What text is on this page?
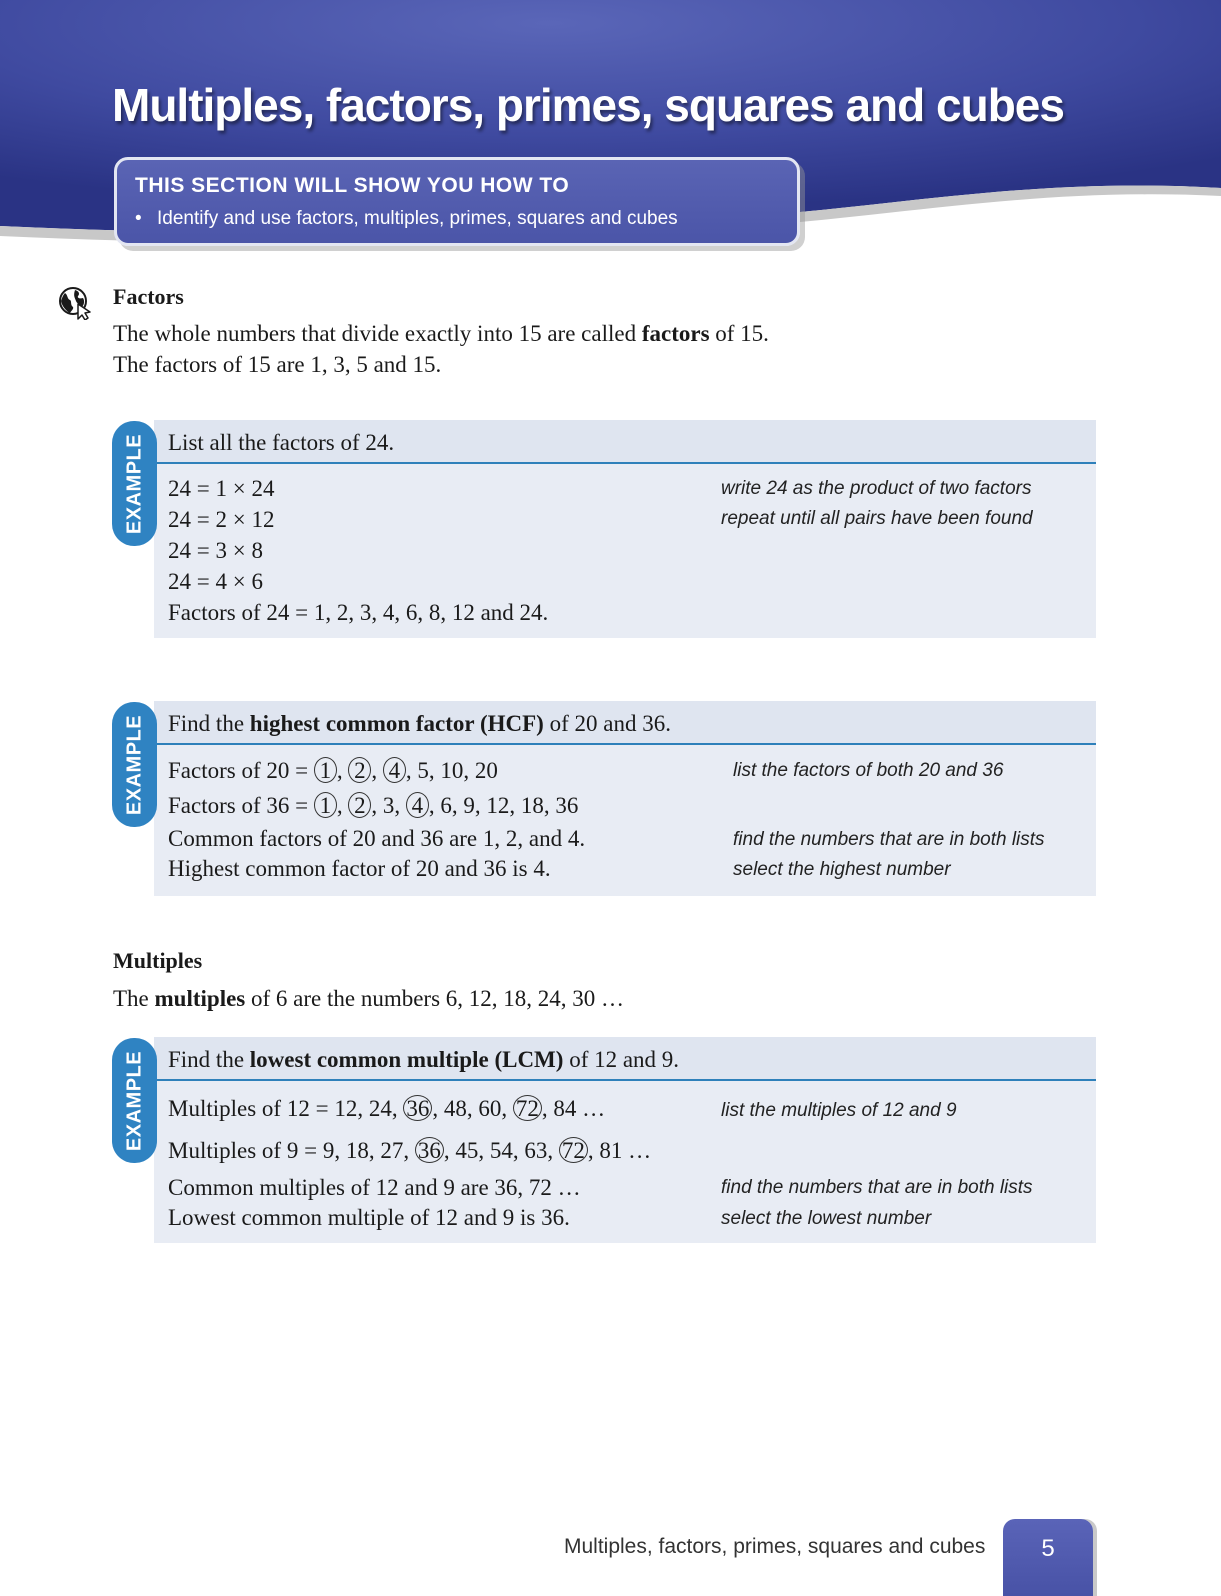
Multiples, factors, primes, squares and cubes
THIS SECTION WILL SHOW YOU HOW TO
• Identify and use factors, multiples, primes, squares and cubes
Factors
The whole numbers that divide exactly into 15 are called factors of 15.
The factors of 15 are 1, 3, 5 and 15.
List all the factors of 24.
24 = 1 × 24
24 = 2 × 12
24 = 3 × 8
24 = 4 × 6
Factors of 24 = 1, 2, 3, 4, 6, 8, 12 and 24.
write 24 as the product of two factors
repeat until all pairs have been found
EXAMPLE
Find the highest common factor (HCF) of 20 and 36.
Factors of 20 = 1 , 2 , 4 , 5, 10, 20
Factors of 36 = 1 , 2 , 3, 4 , 6, 9, 12, 18, 36
Common factors of 20 and 36 are 1, 2, and 4.
Highest common factor of 20 and 36 is 4.
list the factors of both 20 and 36
find the numbers that are in both lists
select the highest number
EXAMPLE
Multiples
The multiples of 6 are the numbers 6, 12, 18, 24, 30 …
Find the lowest common multiple (LCM) of 12 and 9.
Multiples of 12 = 12, 24, 36 , 48, 60, 72 , 84 …
Multiples of 9 = 9, 18, 27, 36 , 45, 54, 63, 72 , 81 …
Common multiples of 12 and 9 are 36, 72 …
Lowest common multiple of 12 and 9 is 36.
list the multiples of 12 and 9
find the numbers that are in both lists
select the lowest number
EXAMPLE
Multiples, factors, primes, squares and cubes	5
